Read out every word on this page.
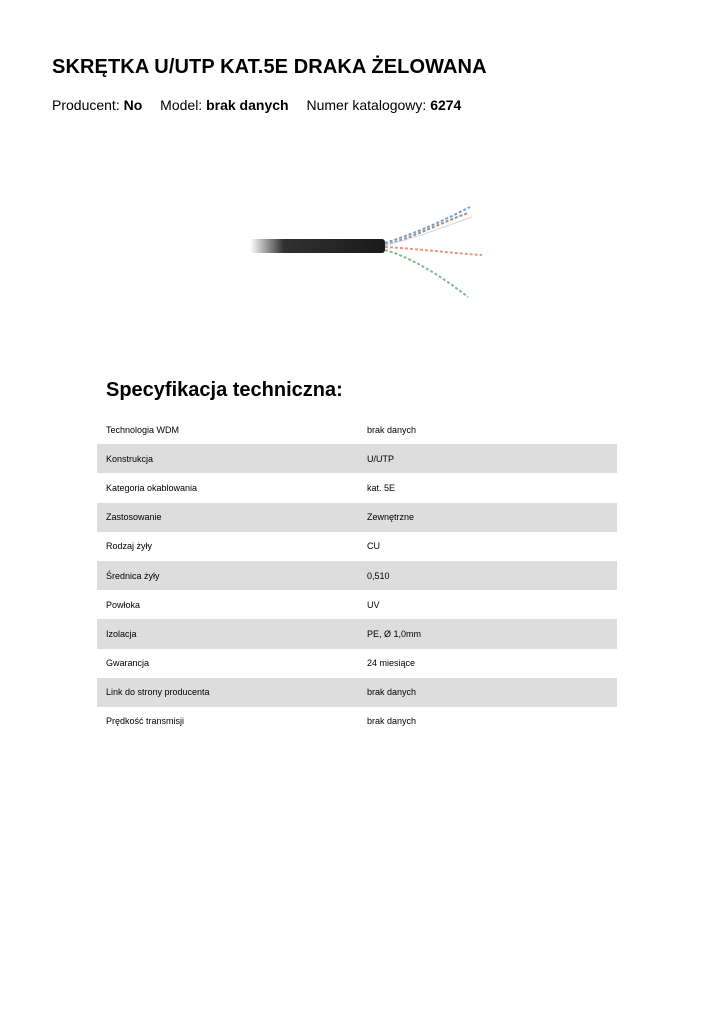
SKRĘTKA U/UTP KAT.5E DRAKA ŻELOWANA
Producent: No Model: brak danych Numer katalogowy: 6274
Specyfikacja techniczna:
Technologia WDM	brak danych
Konstrukcja	U/UTP
Kategoria okablowania	kat. 5E
Zastosowanie	Zewnętrzne
Rodzaj żyły	CU
Średnica żyły	0,510
Powłoka	UV
Izolacja	PE, Ø 1,0mm
Gwarancja	24 miesiące
Link do strony producenta	brak danych
Prędkość transmisji	brak danych
